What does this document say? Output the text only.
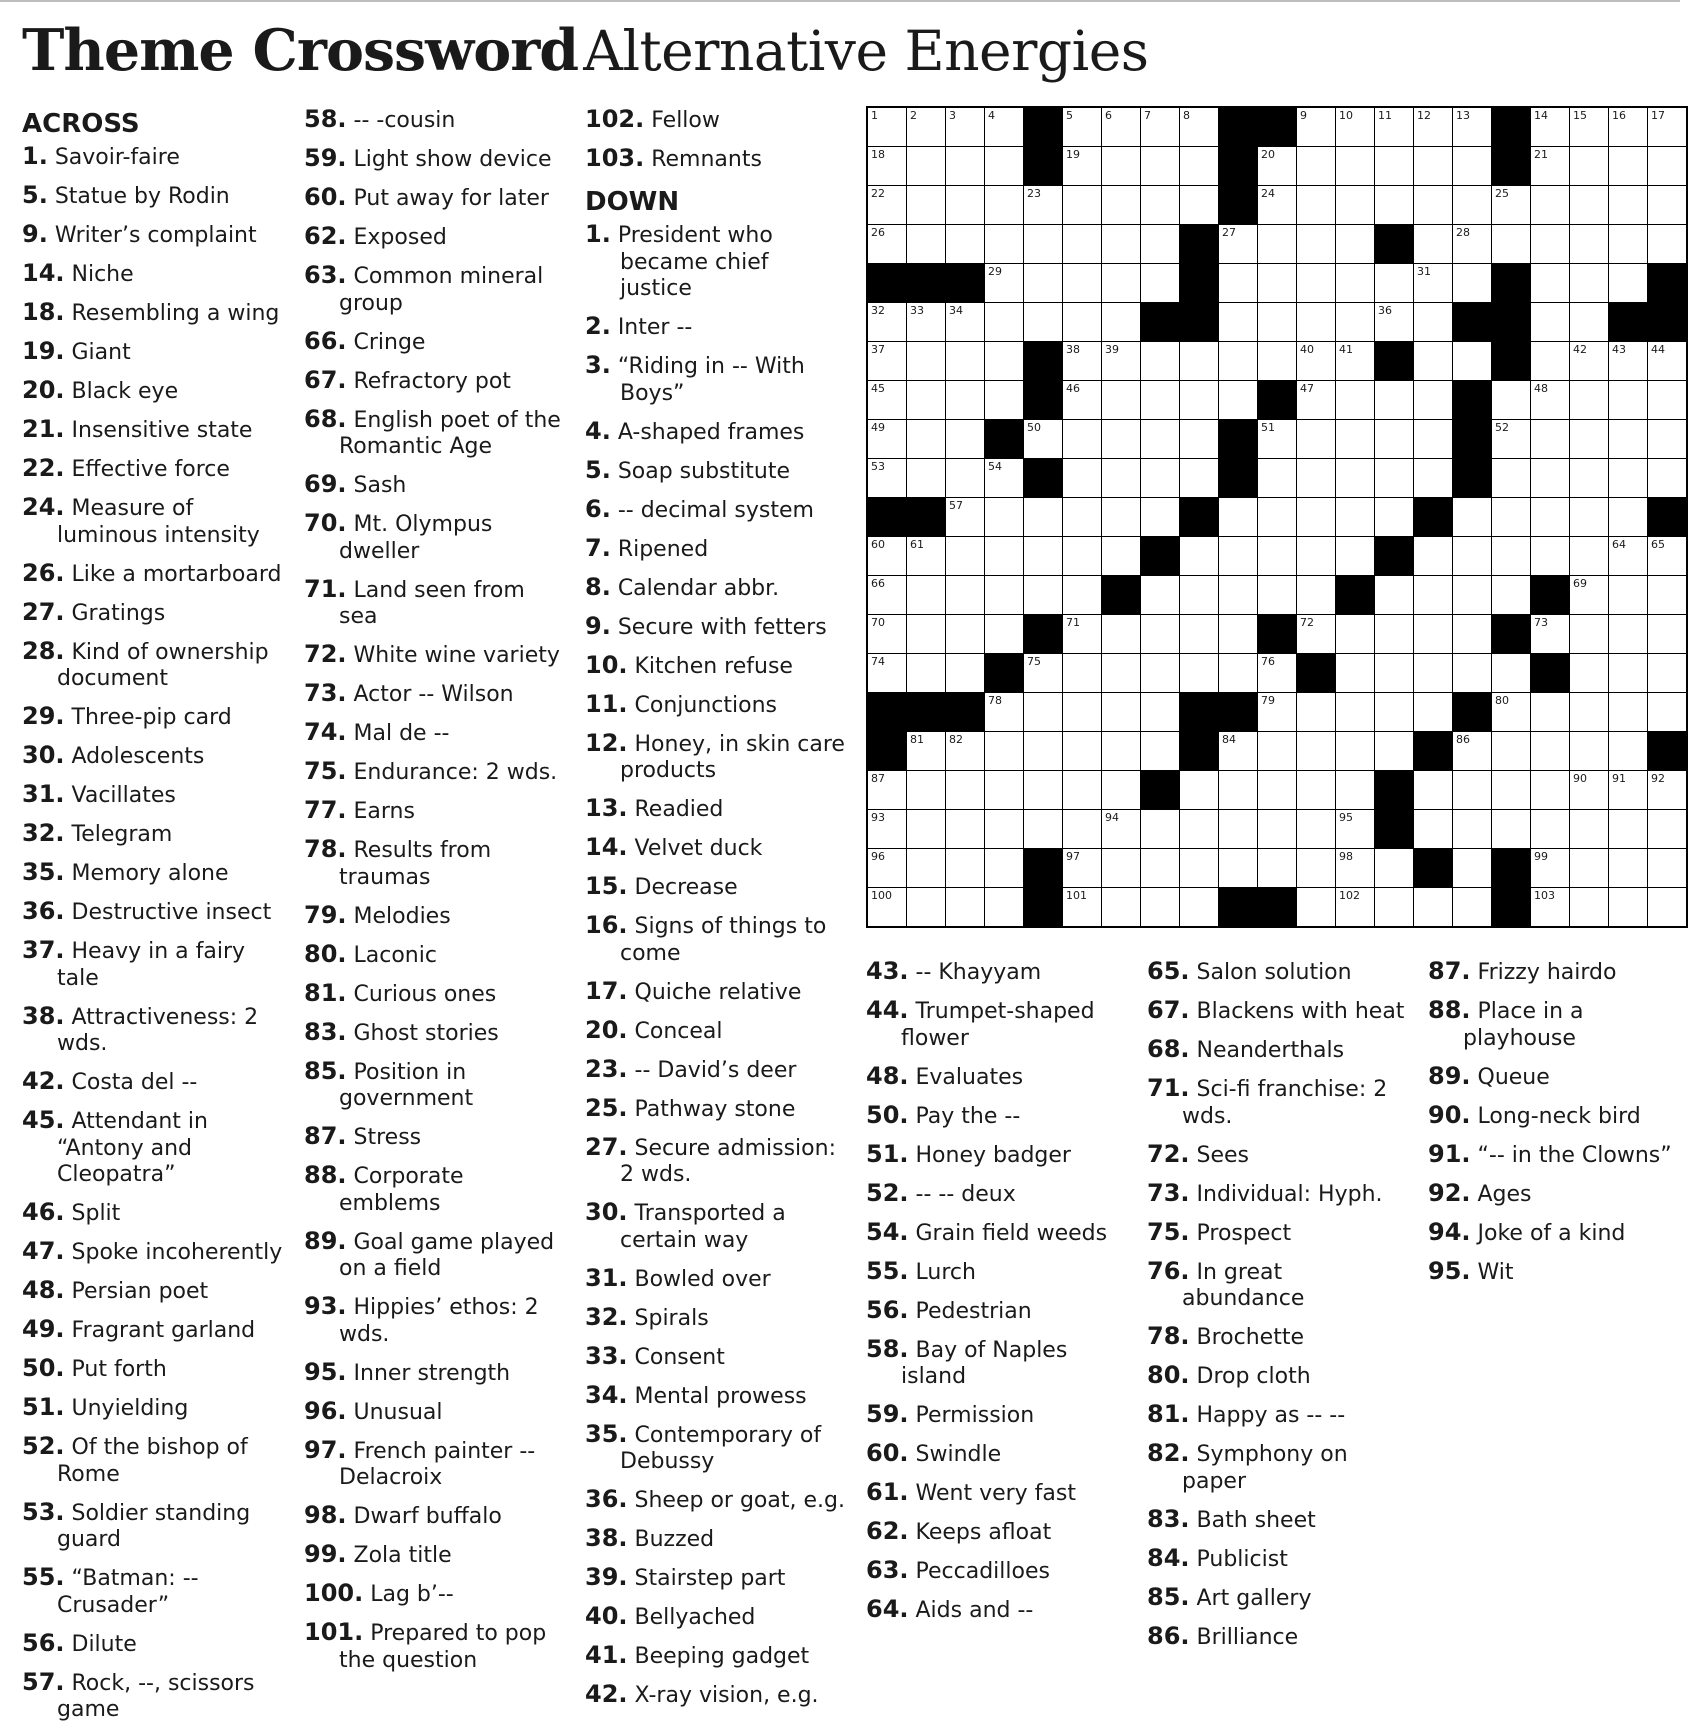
Theme Crossword Alternative Energies
ACROSS
1. Savoir-faire
5. Statue by Rodin
9. Writer’s complaint
14. Niche
18. Resembling a wing
19. Giant
20. Black eye
21. Insensitive state
22. Effective force
24. Measure of luminous intensity
26. Like a mortarboard
27. Gratings
28. Kind of ownership document
29. Three-pip card
30. Adolescents
31. Vacillates
32. Telegram
35. Memory alone
36. Destructive insect
37. Heavy in a fairy tale
38. Attractiveness: 2 wds.
42. Costa del --
45. Attendant in “Antony and Cleopatra”
46. Split
47. Spoke incoherently
48. Persian poet
49. Fragrant garland
50. Put forth
51. Unyielding
52. Of the bishop of Rome
53. Soldier standing guard
55. “Batman: -- Crusader”
56. Dilute
57. Rock, --, scissors game
58. -- -cousin
59. Light show device
60. Put away for later
62. Exposed
63. Common mineral group
66. Cringe
67. Refractory pot
68. English poet of the Romantic Age
69. Sash
70. Mt. Olympus dweller
71. Land seen from sea
72. White wine variety
73. Actor -- Wilson
74. Mal de --
75. Endurance: 2 wds.
77. Earns
78. Results from traumas
79. Melodies
80. Laconic
81. Curious ones
83. Ghost stories
85. Position in government
87. Stress
88. Corporate emblems
89. Goal game played on a field
93. Hippies’ ethos: 2 wds.
95. Inner strength
96. Unusual
97. French painter -- Delacroix
98. Dwarf buffalo
99. Zola title
100. Lag b’--
101. Prepared to pop the question
102. Fellow
103. Remnants
DOWN
1. President who became chief justice
2. Inter --
3. “Riding in -- With Boys”
4. A-shaped frames
5. Soap substitute
6. -- decimal system
7. Ripened
8. Calendar abbr.
9. Secure with fetters
10. Kitchen refuse
11. Conjunctions
12. Honey, in skin care products
13. Readied
14. Velvet duck
15. Decrease
16. Signs of things to come
17. Quiche relative
20. Conceal
23. -- David’s deer
25. Pathway stone
27. Secure admission: 2 wds.
30. Transported a certain way
31. Bowled over
32. Spirals
33. Consent
34. Mental prowess
35. Contemporary of Debussy
36. Sheep or goat, e.g.
38. Buzzed
39. Stairstep part
40. Bellyached
41. Beeping gadget
42. X-ray vision, e.g.
43. -- Khayyam
44. Trumpet-shaped flower
48. Evaluates
50. Pay the --
51. Honey badger
52. -- -- deux
54. Grain field weeds
55. Lurch
56. Pedestrian
58. Bay of Naples island
59. Permission
60. Swindle
61. Went very fast
62. Keeps afloat
63. Peccadilloes
64. Aids and --
65. Salon solution
67. Blackens with heat
68. Neanderthals
71. Sci-fi franchise: 2 wds.
72. Sees
73. Individual: Hyph.
75. Prospect
76. In great abundance
78. Brochette
80. Drop cloth
81. Happy as -- --
82. Symphony on paper
83. Bath sheet
84. Publicist
85. Art gallery
86. Brilliance
87. Frizzy hairdo
88. Place in a playhouse
89. Queue
90. Long-neck bird
91. “-- in the Clowns”
92. Ages
94. Joke of a kind
95. Wit
1	2	3	4	5	6	7	8	9	10 11 12 13	14 15 16 17
18	19	20	21
22	23	24	25
26	27	28
29	31
32 33 34	36
37	38 39	40 41	42 43 44
45	46	47	48
49	50	51	52
53	54
57
60 61	64 65
66	69
70	71	72	73
74	75	76
78	79	80
81 82	84	86
87	90 91 92
93	94	95
96	97	98	99
100	101	102	103
